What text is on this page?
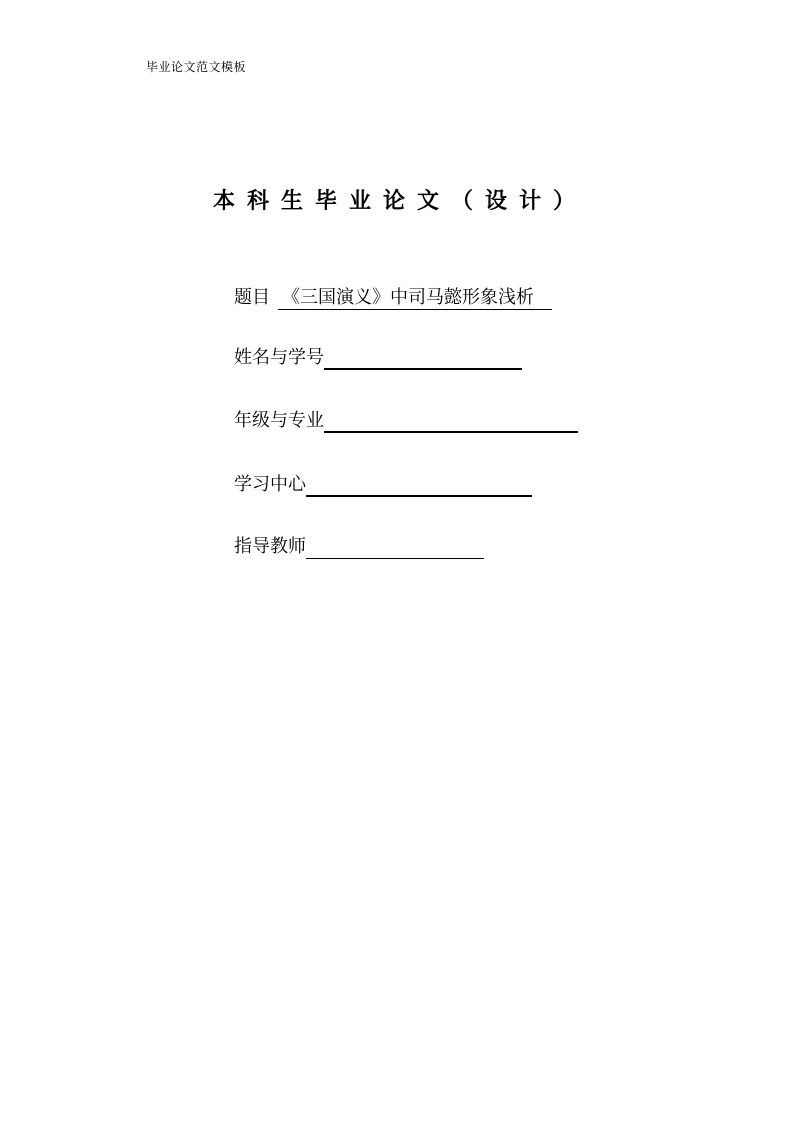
毕业论文范文模板
本科生毕业论文（设计）
题目 《三国演义》中司马懿形象浅析
姓名与学号
年级与专业
学习中心
指导教师
